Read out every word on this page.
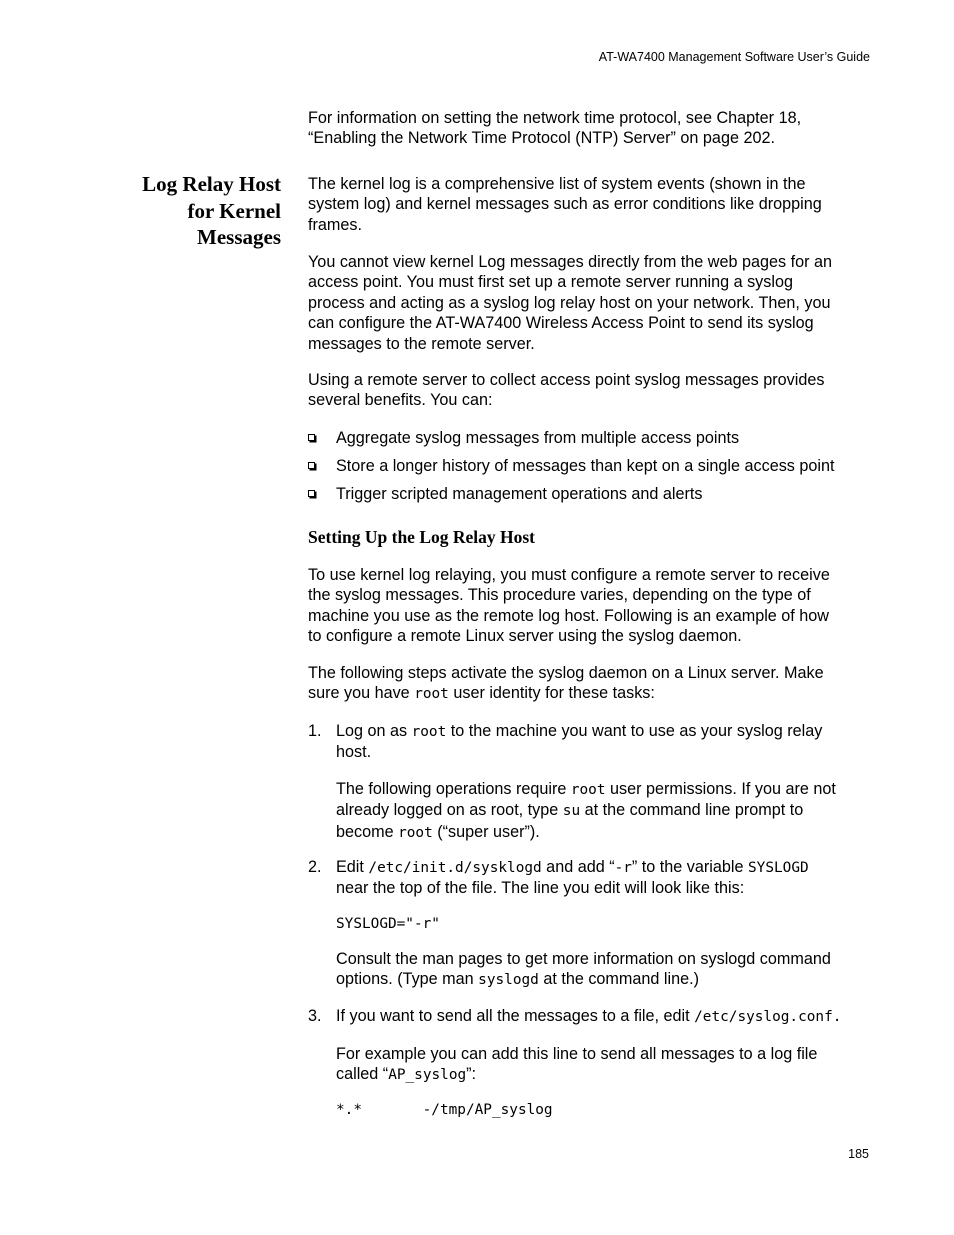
AT-WA7400 Management Software User’s Guide
For information on setting the network time protocol, see Chapter 18,
“Enabling the Network Time Protocol (NTP) Server” on page 202.
Log Relay Host
for Kernel
Messages
The kernel log is a comprehensive list of system events (shown in the
system log) and kernel messages such as error conditions like dropping
frames.
You cannot view kernel Log messages directly from the web pages for an
access point. You must first set up a remote server running a syslog
process and acting as a syslog log relay host on your network. Then, you
can configure the AT-WA7400 Wireless Access Point to send its syslog
messages to the remote server.
Using a remote server to collect access point syslog messages provides
several benefits. You can:
Aggregate syslog messages from multiple access points
Store a longer history of messages than kept on a single access point
Trigger scripted management operations and alerts
Setting Up the Log Relay Host
To use kernel log relaying, you must configure a remote server to receive
the syslog messages. This procedure varies, depending on the type of
machine you use as the remote log host. Following is an example of how
to configure a remote Linux server using the syslog daemon.
The following steps activate the syslog daemon on a Linux server. Make
sure you have root user identity for these tasks:
1. Log on as root to the machine you want to use as your syslog relay
host.
The following operations require root user permissions. If you are not
already logged on as root, type su at the command line prompt to
become root (“super user”).
2. Edit /etc/init.d/sysklogd and add “-r” to the variable SYSLOGD
near the top of the file. The line you edit will look like this:
SYSLOGD="-r"
Consult the man pages to get more information on syslogd command
options. (Type man syslogd at the command line.)
3. If you want to send all the messages to a file, edit /etc/syslog.conf.
For example you can add this line to send all messages to a log file
called “AP_syslog”:
*.*       -/tmp/AP_syslog
185
